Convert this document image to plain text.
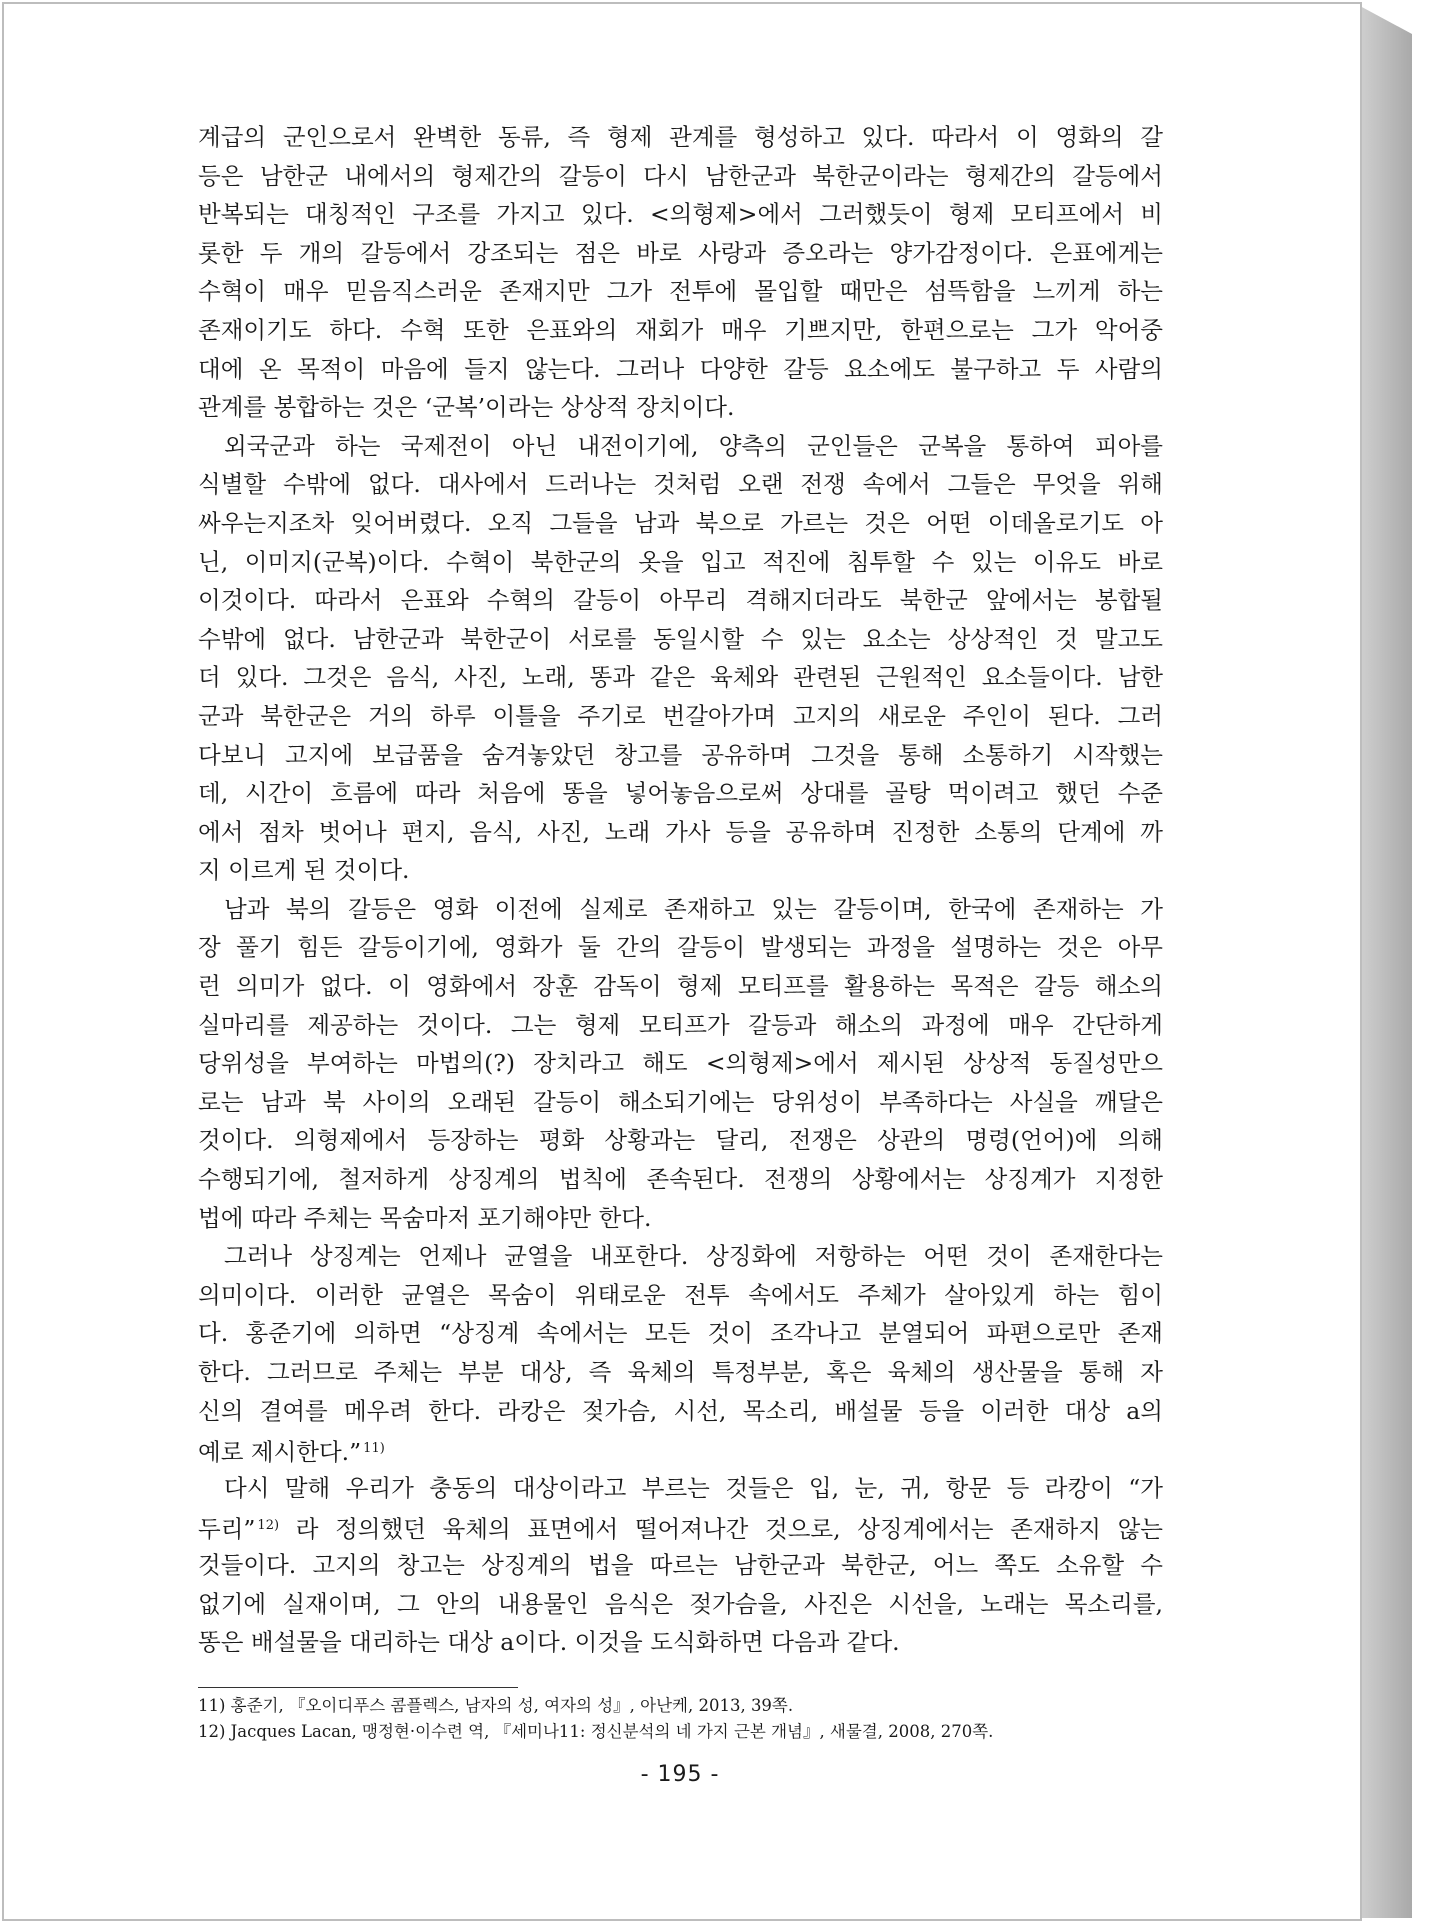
계급의 군인으로서 완벽한 동류, 즉 형제 관계를 형성하고 있다. 따라서 이 영화의 갈
등은 남한군 내에서의 형제간의 갈등이 다시 남한군과 북한군이라는 형제간의 갈등에서
반복되는 대칭적인 구조를 가지고 있다. <의형제>에서 그러했듯이 형제 모티프에서 비
롯한 두 개의 갈등에서 강조되는 점은 바로 사랑과 증오라는 양가감정이다. 은표에게는
수혁이 매우 믿음직스러운 존재지만 그가 전투에 몰입할 때만은 섬뜩함을 느끼게 하는
존재이기도 하다. 수혁 또한 은표와의 재회가 매우 기쁘지만, 한편으로는 그가 악어중
대에 온 목적이 마음에 들지 않는다. 그러나 다양한 갈등 요소에도 불구하고 두 사람의
관계를 봉합하는 것은 ‘군복’이라는 상상적 장치이다.
외국군과 하는 국제전이 아닌 내전이기에, 양측의 군인들은 군복을 통하여 피아를
식별할 수밖에 없다. 대사에서 드러나는 것처럼 오랜 전쟁 속에서 그들은 무엇을 위해
싸우는지조차 잊어버렸다. 오직 그들을 남과 북으로 가르는 것은 어떤 이데올로기도 아
닌, 이미지(군복)이다. 수혁이 북한군의 옷을 입고 적진에 침투할 수 있는 이유도 바로
이것이다. 따라서 은표와 수혁의 갈등이 아무리 격해지더라도 북한군 앞에서는 봉합될
수밖에 없다. 남한군과 북한군이 서로를 동일시할 수 있는 요소는 상상적인 것 말고도
더 있다. 그것은 음식, 사진, 노래, 똥과 같은 육체와 관련된 근원적인 요소들이다. 남한
군과 북한군은 거의 하루 이틀을 주기로 번갈아가며 고지의 새로운 주인이 된다. 그러
다보니 고지에 보급품을 숨겨놓았던 창고를 공유하며 그것을 통해 소통하기 시작했는
데, 시간이 흐름에 따라 처음에 똥을 넣어놓음으로써 상대를 골탕 먹이려고 했던 수준
에서 점차 벗어나 편지, 음식, 사진, 노래 가사 등을 공유하며 진정한 소통의 단계에 까
지 이르게 된 것이다.
남과 북의 갈등은 영화 이전에 실제로 존재하고 있는 갈등이며, 한국에 존재하는 가
장 풀기 힘든 갈등이기에, 영화가 둘 간의 갈등이 발생되는 과정을 설명하는 것은 아무
런 의미가 없다. 이 영화에서 장훈 감독이 형제 모티프를 활용하는 목적은 갈등 해소의
실마리를 제공하는 것이다. 그는 형제 모티프가 갈등과 해소의 과정에 매우 간단하게
당위성을 부여하는 마법의(?) 장치라고 해도 <의형제>에서 제시된 상상적 동질성만으
로는 남과 북 사이의 오래된 갈등이 해소되기에는 당위성이 부족하다는 사실을 깨달은
것이다. 의형제에서 등장하는 평화 상황과는 달리, 전쟁은 상관의 명령(언어)에 의해
수행되기에, 철저하게 상징계의 법칙에 존속된다. 전쟁의 상황에서는 상징계가 지정한
법에 따라 주체는 목숨마저 포기해야만 한다.
그러나 상징계는 언제나 균열을 내포한다. 상징화에 저항하는 어떤 것이 존재한다는
의미이다. 이러한 균열은 목숨이 위태로운 전투 속에서도 주체가 살아있게 하는 힘이
다. 홍준기에 의하면 “상징계 속에서는 모든 것이 조각나고 분열되어 파편으로만 존재
한다. 그러므로 주체는 부분 대상, 즉 육체의 특정부분, 혹은 육체의 생산물을 통해 자
신의 결여를 메우려 한다. 라캉은 젖가슴, 시선, 목소리, 배설물 등을 이러한 대상 a의
예로 제시한다.” $^{11)}$
다시 말해 우리가 충동의 대상이라고 부르는 것들은 입, 눈, 귀, 항문 등 라캉이 “가
두리” $^{12)}$ 라 정의했던 육체의 표면에서 떨어져나간 것으로, 상징계에서는 존재하지 않는
것들이다. 고지의 창고는 상징계의 법을 따르는 남한군과 북한군, 어느 쪽도 소유할 수
없기에 실재이며, 그 안의 내용물인 음식은 젖가슴을, 사진은 시선을, 노래는 목소리를,
똥은 배설물을 대리하는 대상 a이다. 이것을 도식화하면 다음과 같다.
11) 홍준기, 『오이디푸스 콤플렉스, 남자의 성, 여자의 성』, 아난케, 2013, 39쪽.
12) Jacques Lacan, 맹정현·이수련 역, 『세미나11: 정신분석의 네 가지 근본 개념』, 새물결, 2008, 270쪽.
- 195 -
